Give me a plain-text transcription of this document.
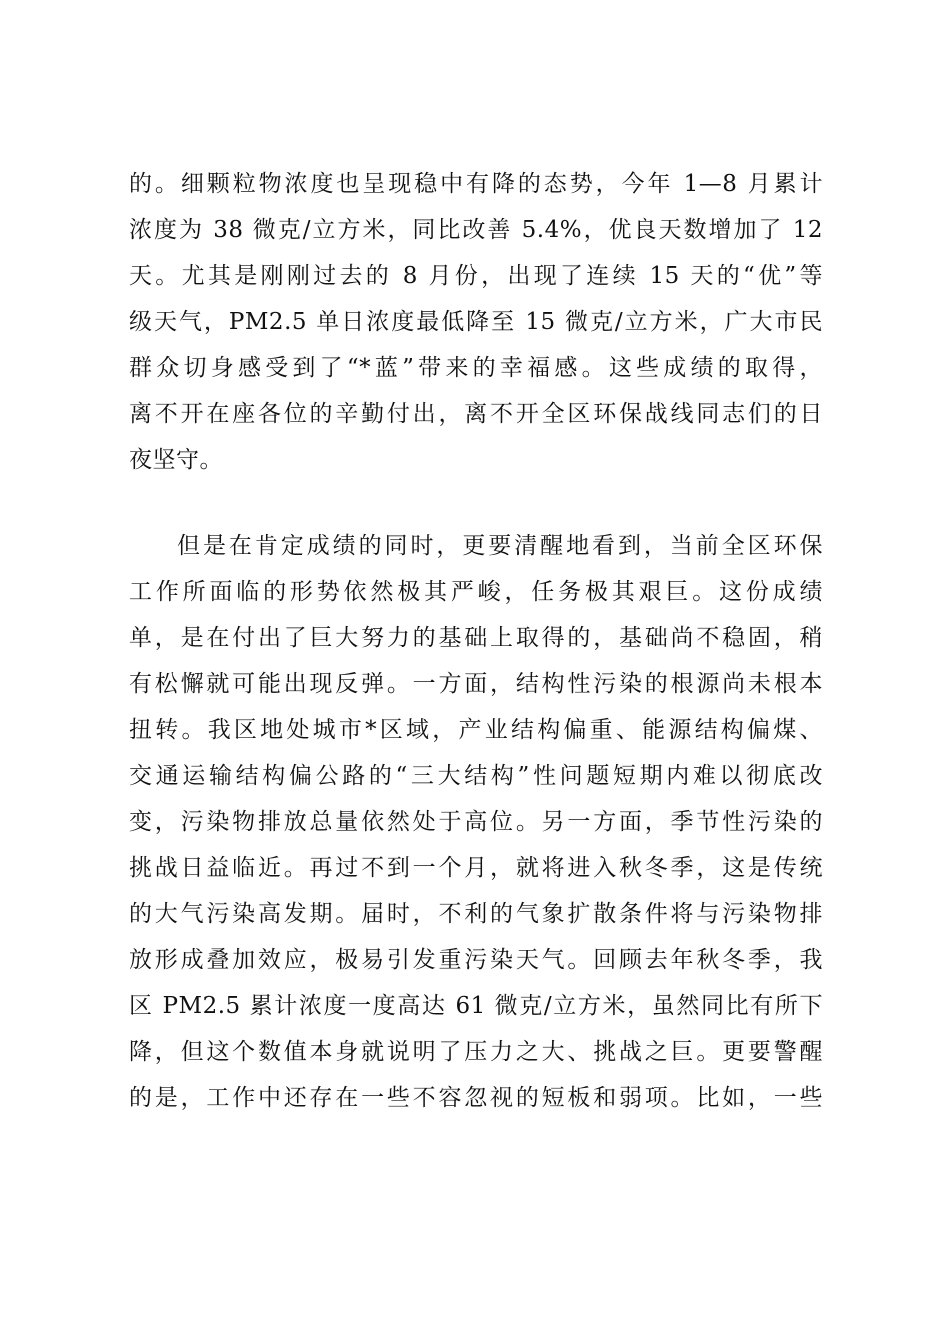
的。细颗粒物浓度也呈现稳中有降的态势，今年 1—8 月累计
浓度为 38 微克/立方米，同比改善 5.4%，优良天数增加了 12
天。尤其是刚刚过去的 8 月份，出现了连续 15 天的“优”等
级天气，PM2.5 单日浓度最低降至 15 微克/立方米，广大市民
群众切身感受到了“*蓝”带来的幸福感。这些成绩的取得，
离不开在座各位的辛勤付出，离不开全区环保战线同志们的日
夜坚守。
但是在肯定成绩的同时，更要清醒地看到，当前全区环保
工作所面临的形势依然极其严峻，任务极其艰巨。这份成绩
单，是在付出了巨大努力的基础上取得的，基础尚不稳固，稍
有松懈就可能出现反弹。一方面，结构性污染的根源尚未根本
扭转。我区地处城市*区域，产业结构偏重、能源结构偏煤、
交通运输结构偏公路的“三大结构”性问题短期内难以彻底改
变，污染物排放总量依然处于高位。另一方面，季节性污染的
挑战日益临近。再过不到一个月，就将进入秋冬季，这是传统
的大气污染高发期。届时，不利的气象扩散条件将与污染物排
放形成叠加效应，极易引发重污染天气。回顾去年秋冬季，我
区 PM2.5 累计浓度一度高达 61 微克/立方米，虽然同比有所下
降，但这个数值本身就说明了压力之大、挑战之巨。更要警醒
的是，工作中还存在一些不容忽视的短板和弱项。比如，一些
